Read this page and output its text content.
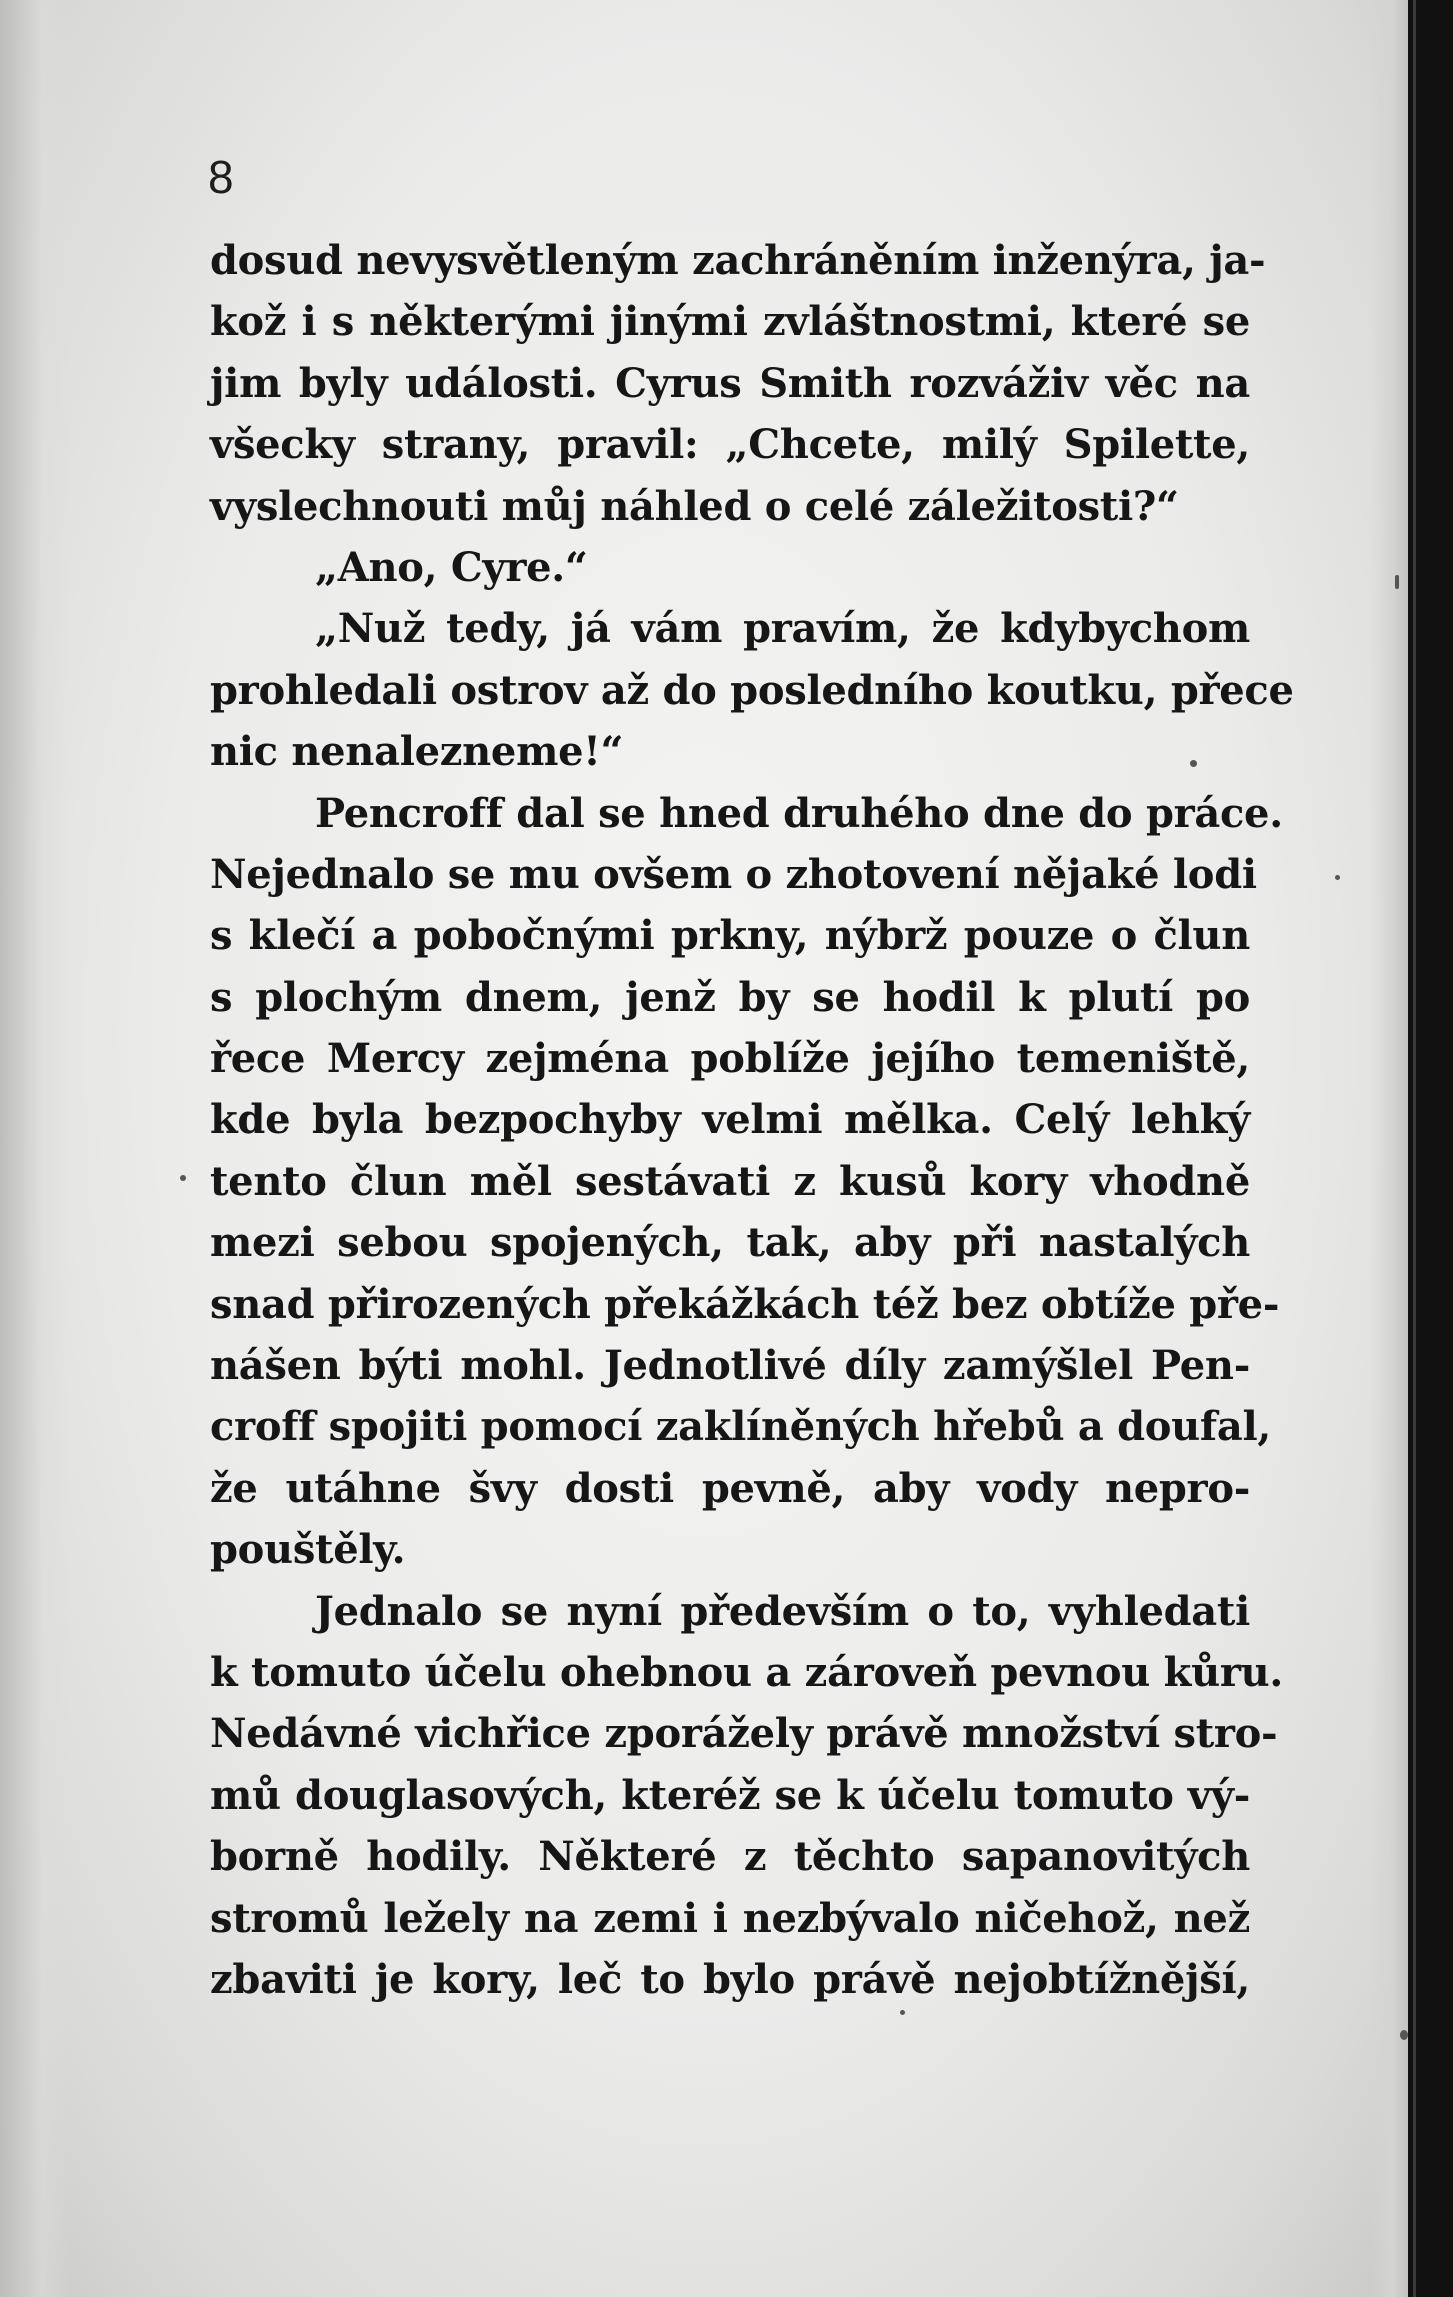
8
dosud nevysvětleným zachráněním inženýra, ja-
kož i s některými jinými zvláštnostmi, které se
jim byly události. Cyrus Smith rozváživ věc na
všecky strany, pravil: „Chcete, milý Spilette,
vyslechnouti můj náhled o celé záležitosti?“
„Ano, Cyre.“
„Nuž tedy, já vám pravím, že kdybychom
prohledali ostrov až do posledního koutku, přece
nic nenalezneme!“
Pencroff dal se hned druhého dne do práce.
Nejednalo se mu ovšem o zhotovení nějaké lodi
s klečí a pobočnými prkny, nýbrž pouze o člun
s plochým dnem, jenž by se hodil k plutí po
řece Mercy zejména poblíže jejího temeniště,
kde byla bezpochyby velmi mělka. Celý lehký
tento člun měl sestávati z kusů kory vhodně
mezi sebou spojených, tak, aby při nastalých
snad přirozených překážkách též bez obtíže pře-
nášen býti mohl. Jednotlivé díly zamýšlel Pen-
croff spojiti pomocí zaklíněných hřebů a doufal,
že utáhne švy dosti pevně, aby vody nepro-
pouštěly.
Jednalo se nyní především o to, vyhledati
k tomuto účelu ohebnou a zároveň pevnou kůru.
Nedávné vichřice zporážely právě množství stro-
mů douglasových, kteréž se k účelu tomuto vý-
borně hodily. Některé z těchto sapanovitých
stromů ležely na zemi i nezbývalo ničehož, než
zbaviti je kory, leč to bylo právě nejobtížnější,
